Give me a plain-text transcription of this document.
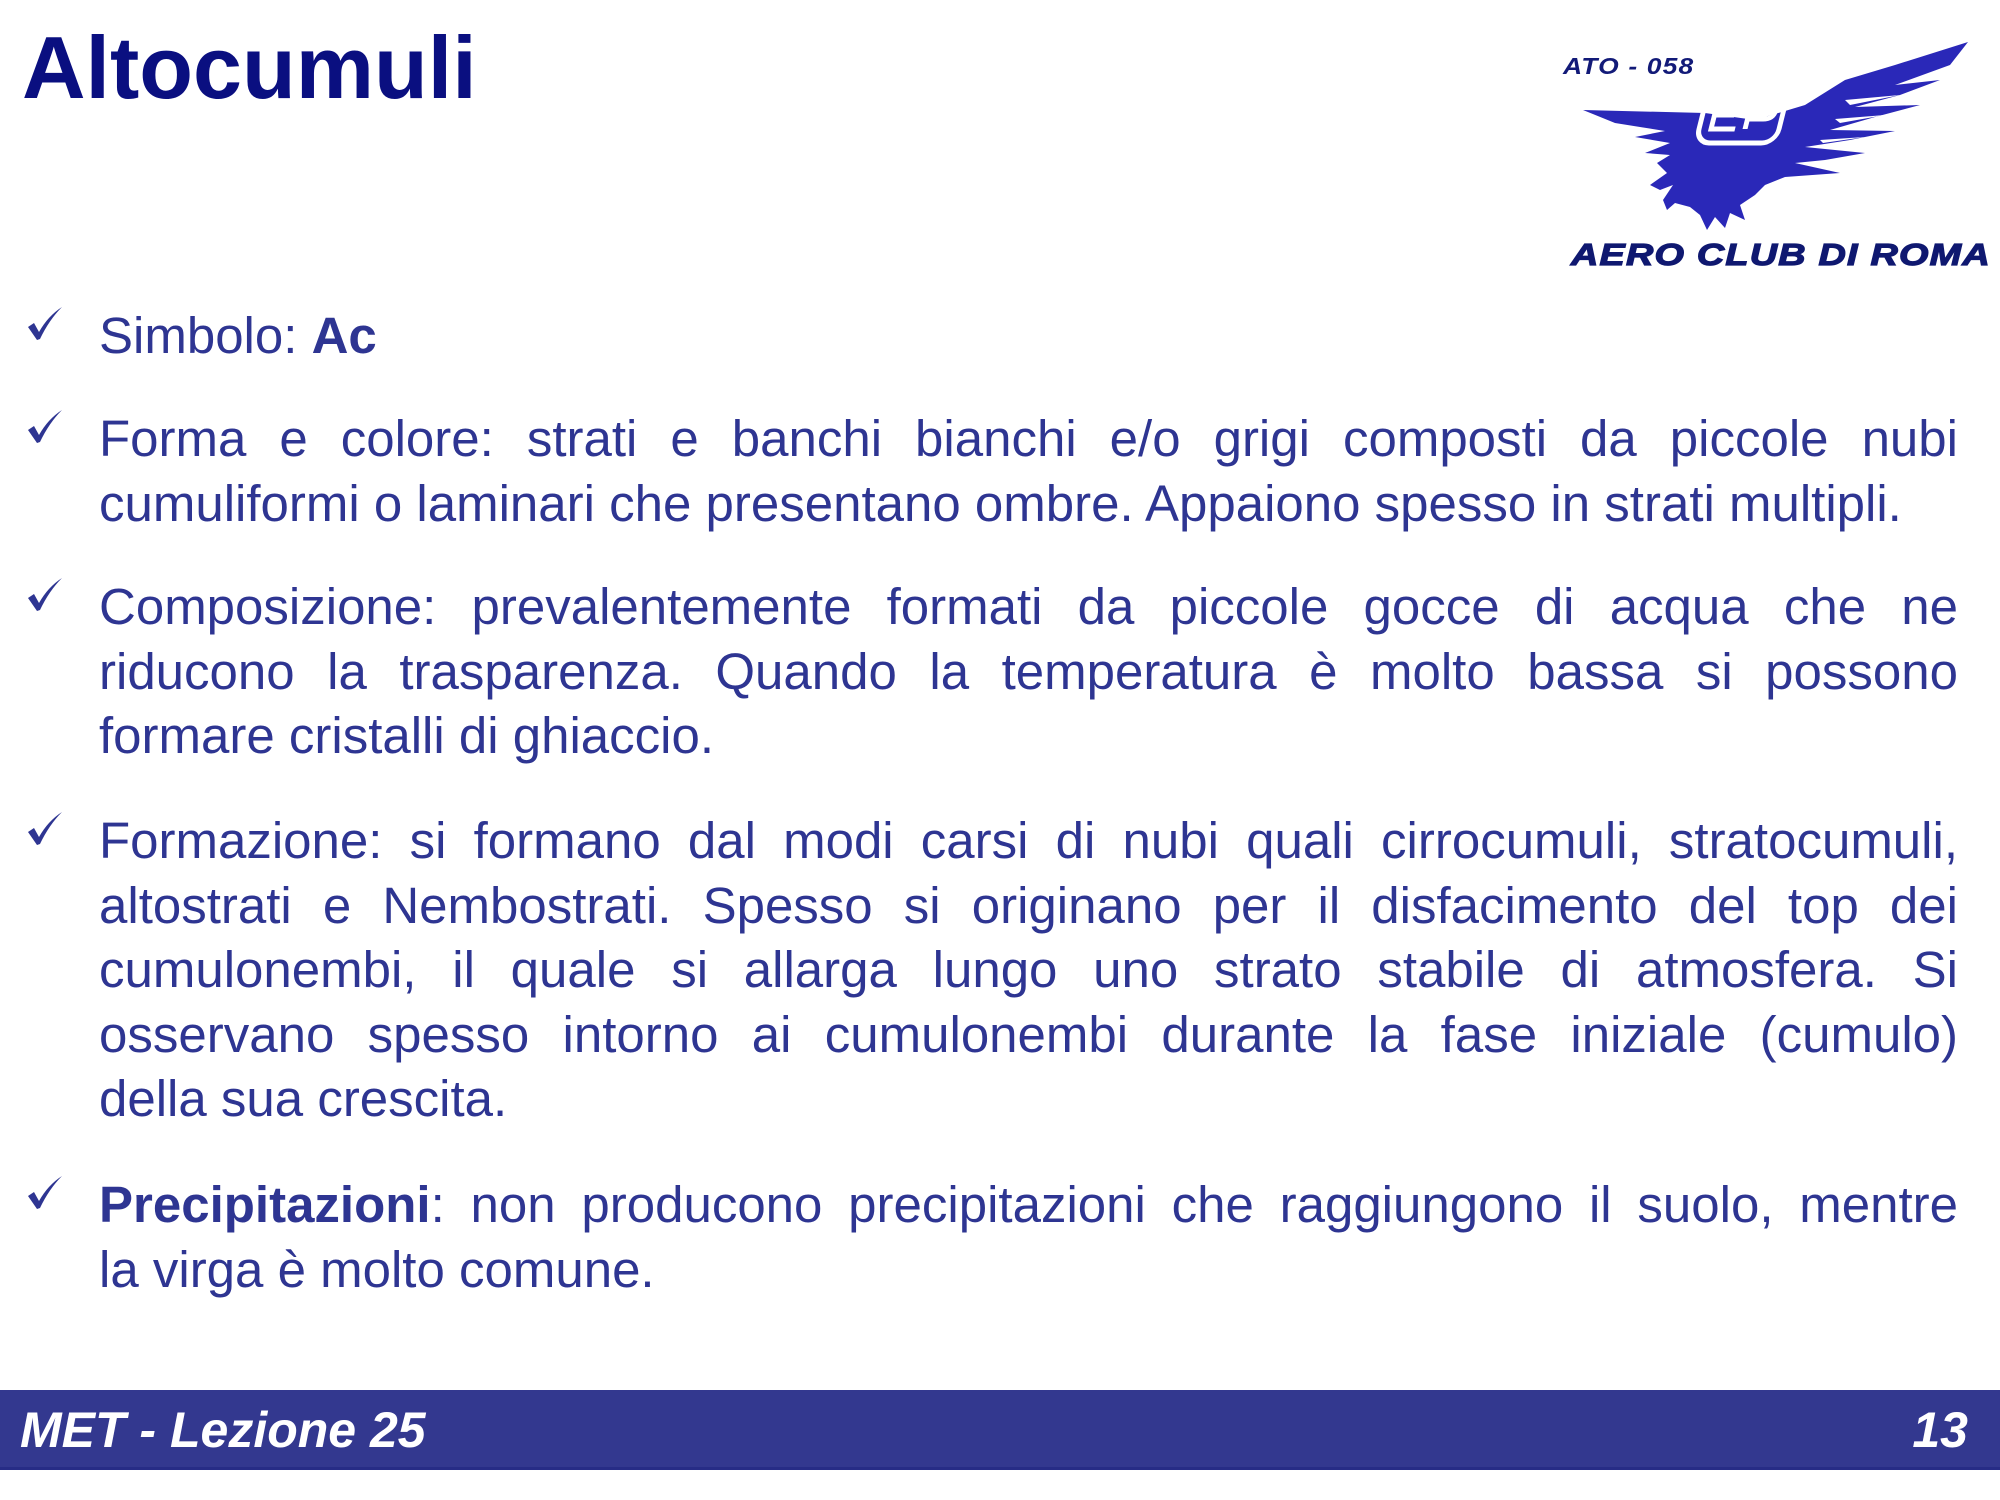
Altocumuli	ATO - 058
AERO CLUB DI ROMA
Simbolo: Ac
Forma e colore: strati e banchi bianchi e/o grigi composti da piccole nubi
cumuliformi o laminari che presentano ombre. Appaiono spesso in strati multipli.
Composizione: prevalentemente formati da piccole gocce di acqua che ne
riducono la trasparenza. Quando la temperatura è molto bassa si possono
formare cristalli di ghiaccio.
Formazione: si formano dal modi carsi di nubi quali cirrocumuli, stratocumuli,
altostrati e Nembostrati. Spesso si originano per il disfacimento del top dei
cumulonembi, il quale si allarga lungo uno strato stabile di atmosfera. Si
osservano spesso intorno ai cumulonembi durante la fase iniziale (cumulo)
della sua crescita.
Precipitazioni: non producono precipitazioni che raggiungono il suolo, mentre
la virga è molto comune.
MET - Lezione 25	13
